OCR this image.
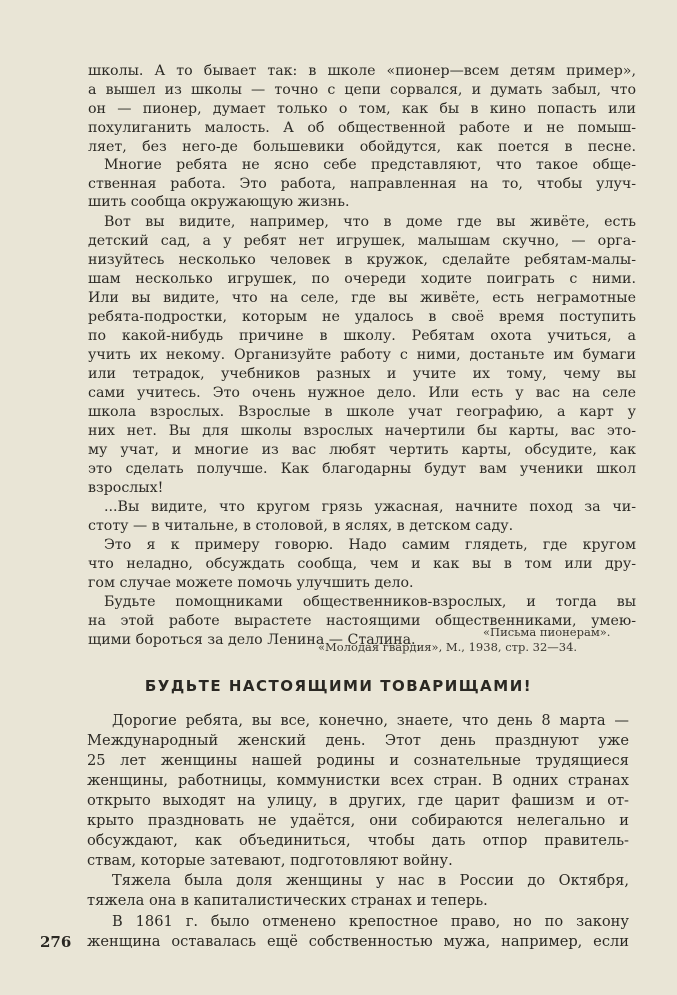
школы. А то бывает так: в школе «пионер—всем детям пример»,
а вышел из школы — точно с цепи сорвался, и думать забыл, что
он — пионер, думает только о том, как бы в кино попасть или
похулиганить малость. А об общественной работе и не помыш-
ляет, без него-де большевики обойдутся, как поется в песне.
Многие ребята не ясно себе представляют, что такое обще-
ственная работа. Это работа, направленная на то, чтобы улуч-
шить сообща окружающую жизнь.
Вот вы видите, например, что в доме где вы живёте, есть
детский сад, а у ребят нет игрушек, малышам скучно, — орга-
низуйтесь несколько человек в кружок, сделайте ребятам-малы-
шам несколько игрушек, по очереди ходите поиграть с ними.
Или вы видите, что на селе, где вы живёте, есть неграмотные
ребята-подростки, которым не удалось в своё время поступить
по какой-нибудь причине в школу. Ребятам охота учиться, а
учить их некому. Организуйте работу с ними, достаньте им бумаги
или тетрадок, учебников разных и учите их тому, чему вы
сами учитесь. Это очень нужное дело. Или есть у вас на селе
школа взрослых. Взрослые в школе учат географию, а карт у
них нет. Вы для школы взрослых начертили бы карты, вас это-
му учат, и многие из вас любят чертить карты, обсудите, как
это сделать получше. Как благодарны будут вам ученики школ
взрослых!
...Вы видите, что кругом грязь ужасная, начните поход за чи-
стоту — в читальне, в столовой, в яслях, в детском саду.
Это я к примеру говорю. Надо самим глядеть, где кругом
что неладно, обсуждать сообща, чем и как вы в том или дру-
гом случае можете помочь улучшить дело.
Будьте помощниками общественников-взрослых, и тогда вы
на этой работе вырастете настоящими общественниками, умею-
щими бороться за дело Ленина — Сталина.	«Письма пионерам».
«Молодая гвардия», М., 1938, стр. 32—34.
БУДЬТЕ НАСТОЯЩИМИ ТОВАРИЩАМИ!
Дорогие ребята, вы все, конечно, знаете, что день 8 марта —
Международный женский день. Этот день празднуют уже
25 лет женщины нашей родины и сознательные трудящиеся
женщины, работницы, коммунистки всех стран. В одних странах
открыто выходят на улицу, в других, где царит фашизм и от-
крыто праздновать не удаётся, они собираются нелегально и
обсуждают, как объединиться, чтобы дать отпор правитель-
ствам, которые затевают, подготовляют войну.
Тяжела была доля женщины у нас в России до Октября,
тяжела она в капиталистических странах и теперь.
В 1861 г. было отменено крепостное право, но по закону
женщина оставалась ещё собственностью мужа, например, если
276
